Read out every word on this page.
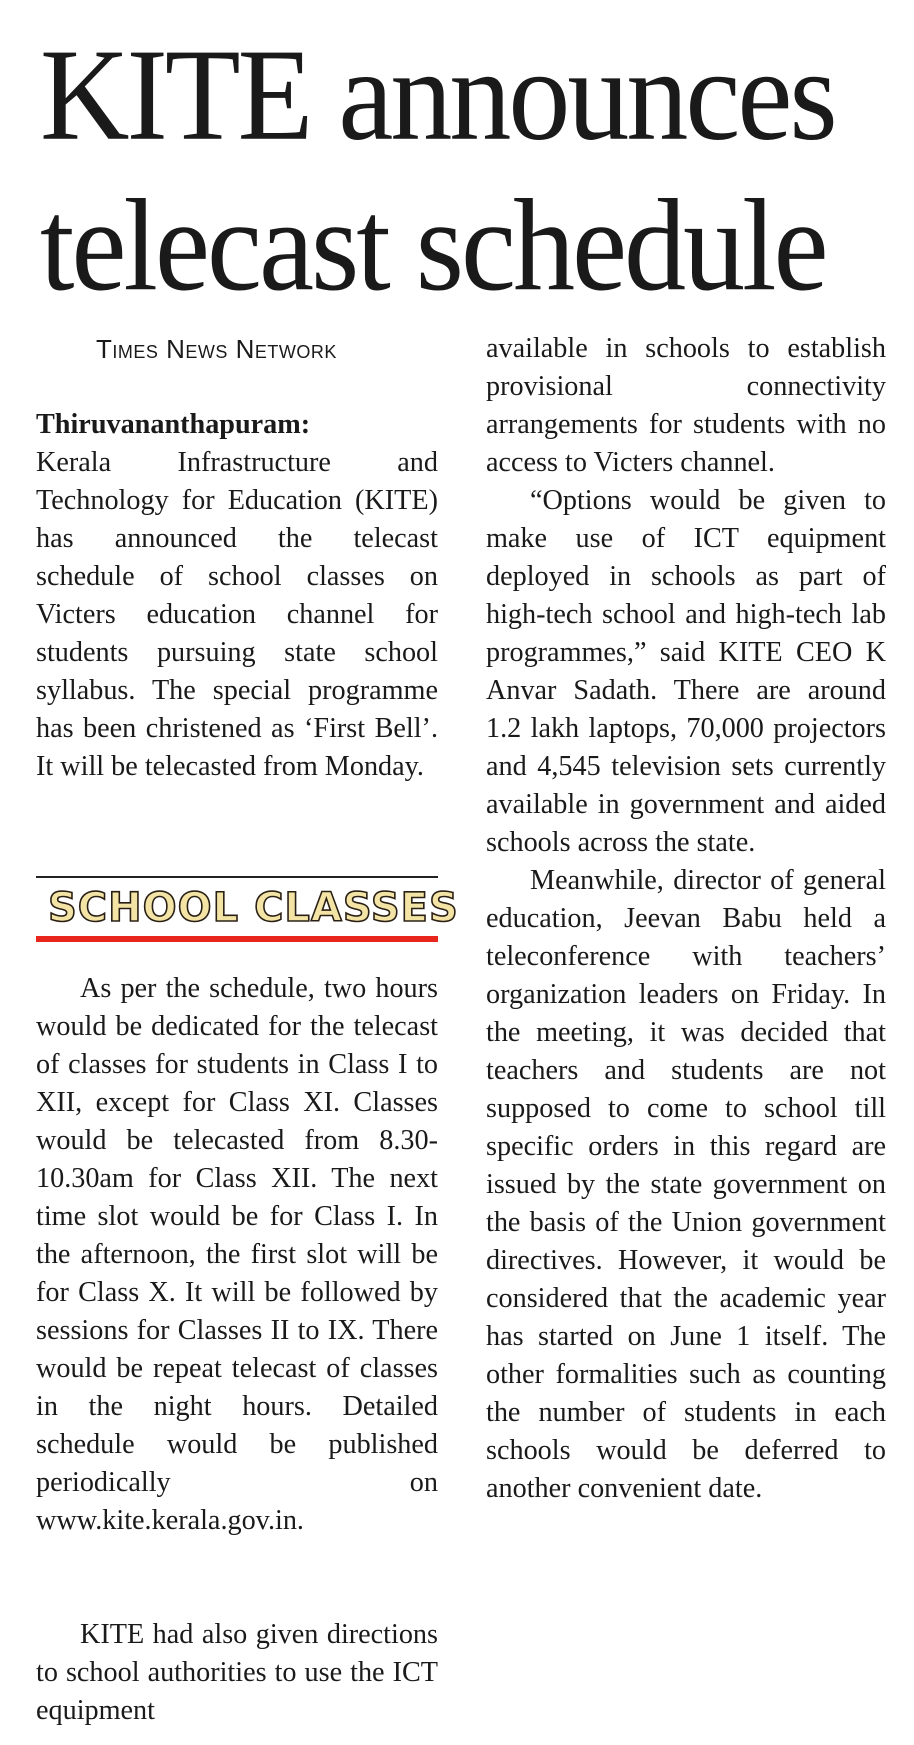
KITE announces
telecast schedule
Times News Network

Thiruvananthapuram:

Kerala Infrastructure and Technology for Education (KITE) has announced the telecast schedule of school classes on Victers education channel for students pursuing state school syllabus. The special programme has been christened as ‘First Bell’. It will be telecasted from Monday.

SCHOOL CLASSES

As per the schedule, two hours would be dedicated for the telecast of classes for students in Class I to XII, except for Class XI. Classes would be telecasted from 8.30-10.30am for Class XII. The next time slot would be for Class I. In the afternoon, the first slot will be for Class X. It will be followed by sessions for Classes II to IX. There would be repeat telecast of classes in the night hours. Detailed schedule would be published periodically on www.kite.kerala.gov.in.

KITE had also given directions to school authorities to use the ICT equipment

available in schools to establish provisional connectivity arrangements for students with no access to Victers channel.

“Options would be given to make use of ICT equipment deployed in schools as part of high-tech school and high-tech lab programmes,” said KITE CEO K Anvar Sadath. There are around 1.2 lakh laptops, 70,000 projectors and 4,545 television sets currently available in government and aided schools across the state.

Meanwhile, director of general education, Jeevan Babu held a teleconference with teachers’ organization leaders on Friday. In the meeting, it was decided that teachers and students are not supposed to come to school till specific orders in this regard are issued by the state government on the basis of the Union government directives. However, it would be considered that the academic year has started on June 1 itself. The other formalities such as counting the number of students in each schools would be deferred to another convenient date.
